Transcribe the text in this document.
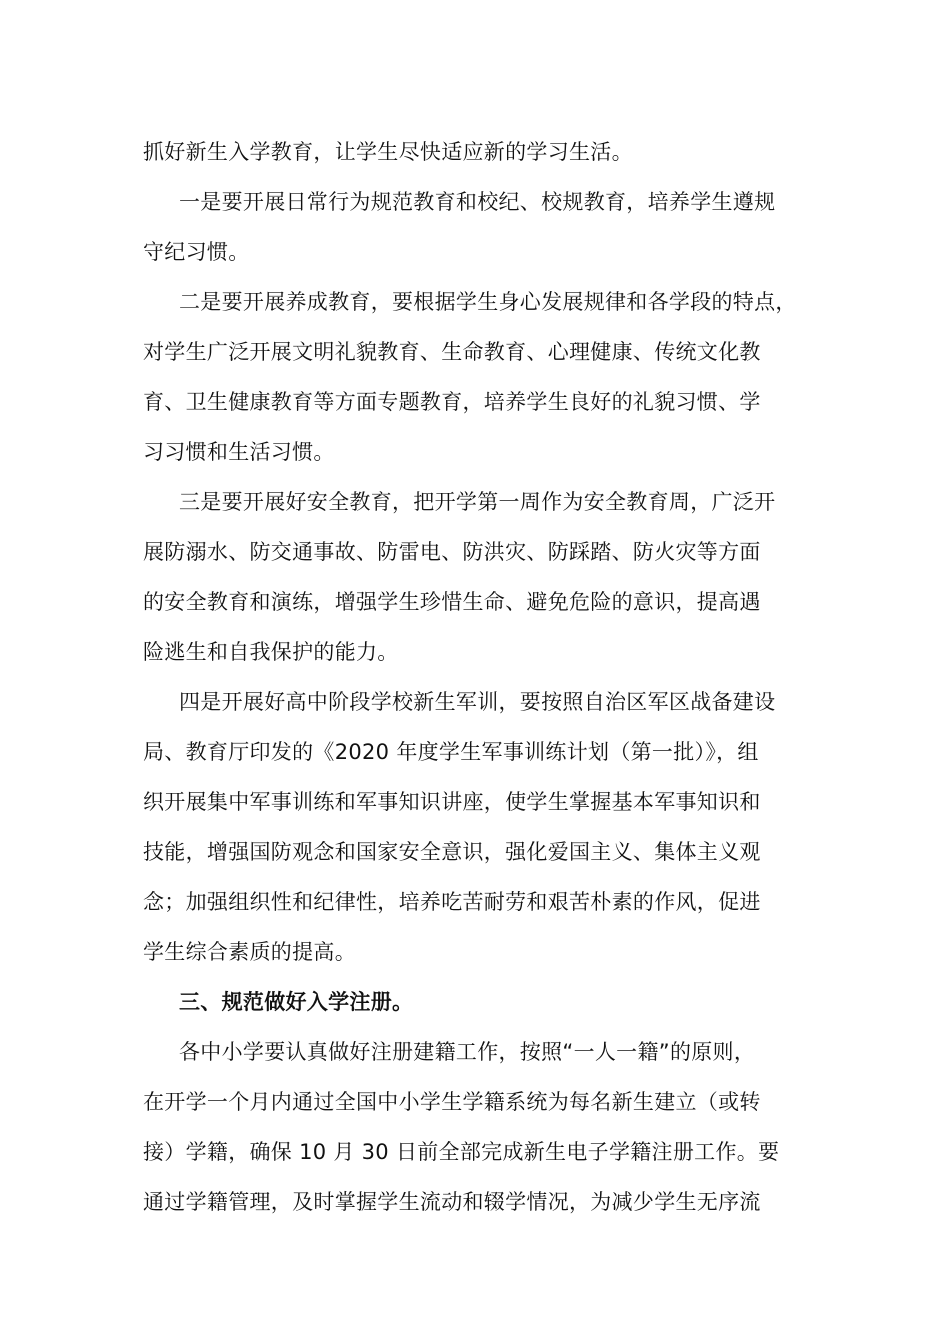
抓好新生入学教育，让学生尽快适应新的学习生活。
一是要开展日常行为规范教育和校纪、校规教育，培养学生遵规
守纪习惯。
二是要开展养成教育，要根据学生身心发展规律和各学段的特点，
对学生广泛开展文明礼貌教育、生命教育、心理健康、传统文化教
育、卫生健康教育等方面专题教育，培养学生良好的礼貌习惯、学
习习惯和生活习惯。
三是要开展好安全教育，把开学第一周作为安全教育周，广泛开
展防溺水、防交通事故、防雷电、防洪灾、防踩踏、防火灾等方面
的安全教育和演练，增强学生珍惜生命、避免危险的意识，提高遇
险逃生和自我保护的能力。
四是开展好高中阶段学校新生军训，要按照自治区军区战备建设
局、教育厅印发的《2020 年度学生军事训练计划（第一批）》，组
织开展集中军事训练和军事知识讲座，使学生掌握基本军事知识和
技能，增强国防观念和国家安全意识，强化爱国主义、集体主义观
念；加强组织性和纪律性，培养吃苦耐劳和艰苦朴素的作风，促进
学生综合素质的提高。
三、规范做好入学注册。
各中小学要认真做好注册建籍工作，按照“一人一籍”的原则，
在开学一个月内通过全国中小学生学籍系统为每名新生建立（或转
接）学籍，确保 10 月 30 日前全部完成新生电子学籍注册工作。要
通过学籍管理，及时掌握学生流动和辍学情况，为减少学生无序流
